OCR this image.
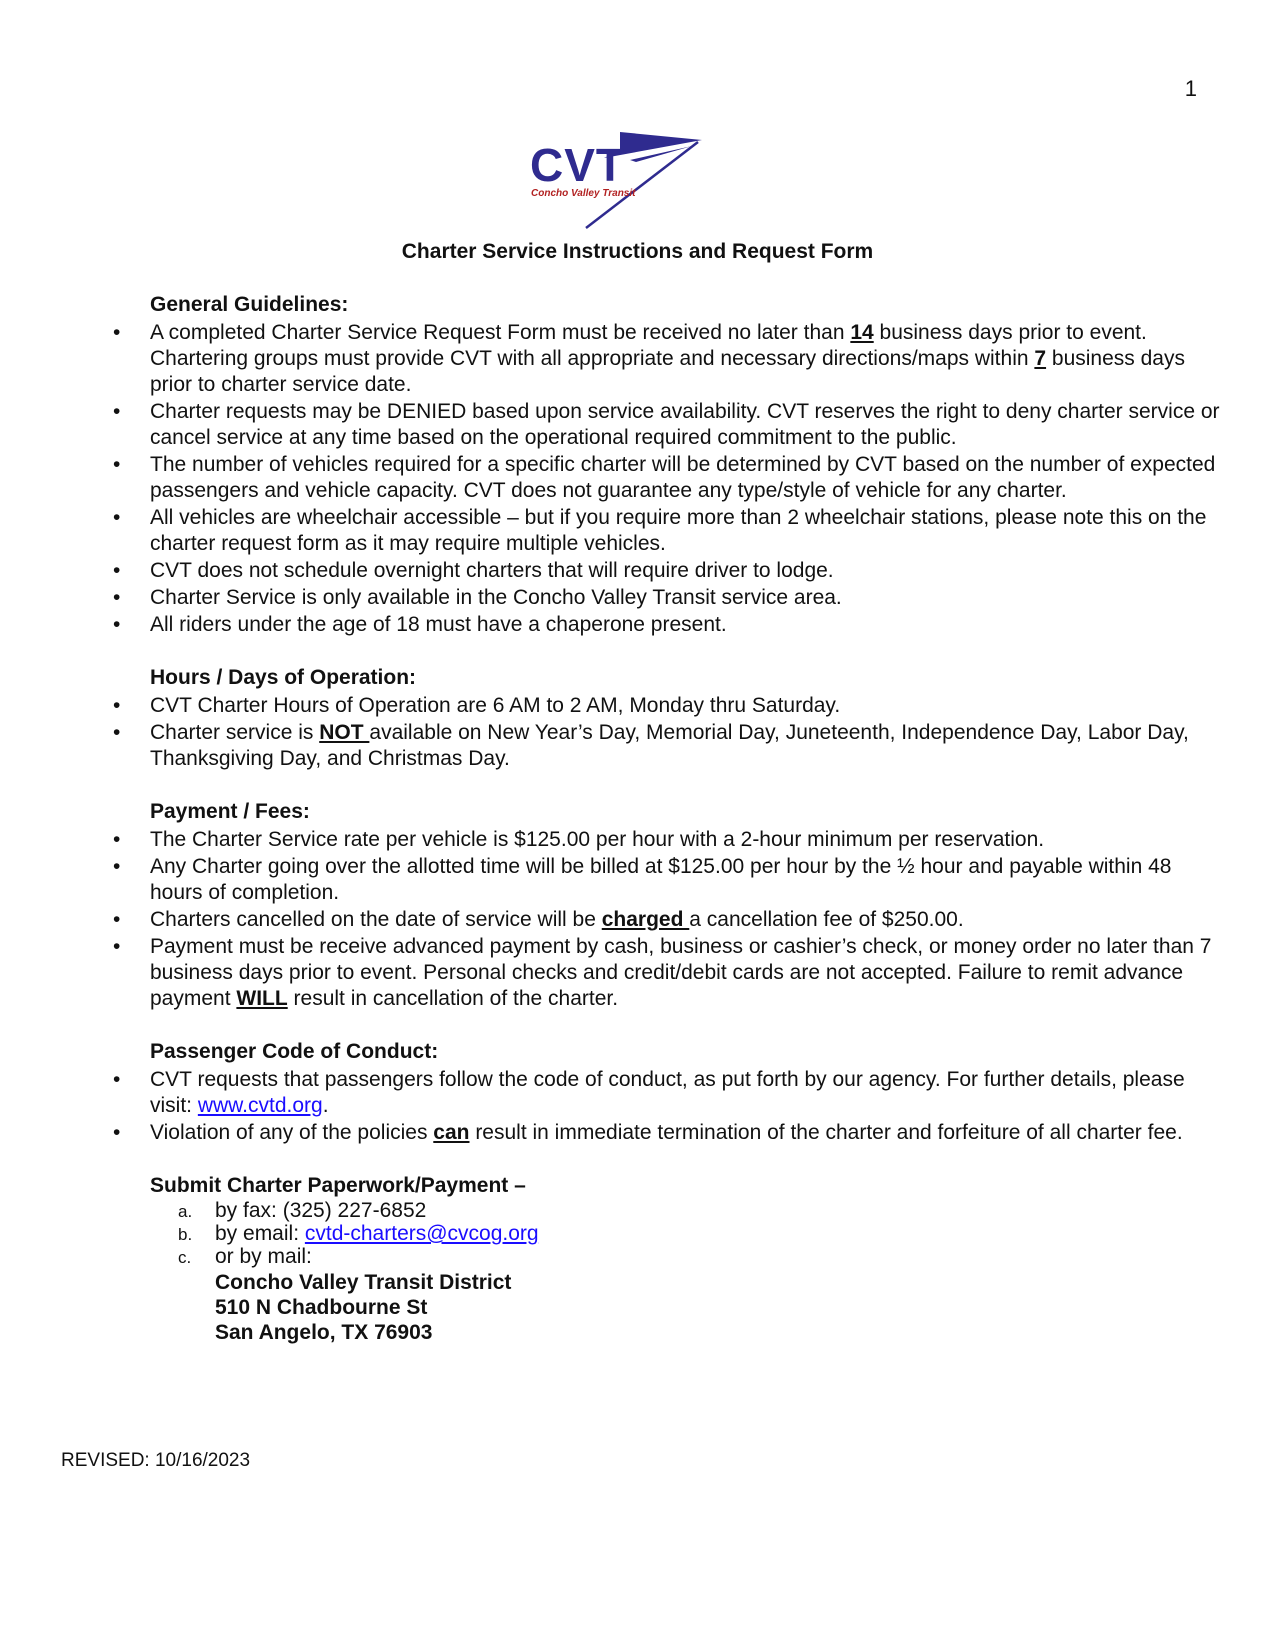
1
CVT
Concho Valley Transit
Charter Service Instructions and Request Form
General Guidelines:
• A completed Charter Service Request Form must be received no later than 14 business days prior to event. Chartering groups must provide CVT with all appropriate and necessary directions/maps within 7 business days prior to charter service date.
• Charter requests may be DENIED based upon service availability. CVT reserves the right to deny charter service or cancel service at any time based on the operational required commitment to the public.
• The number of vehicles required for a specific charter will be determined by CVT based on the number of expected passengers and vehicle capacity. CVT does not guarantee any type/style of vehicle for any charter.
• All vehicles are wheelchair accessible – but if you require more than 2 wheelchair stations, please note this on the charter request form as it may require multiple vehicles.
• CVT does not schedule overnight charters that will require driver to lodge.
• Charter Service is only available in the Concho Valley Transit service area.
• All riders under the age of 18 must have a chaperone present.
Hours / Days of Operation:
• CVT Charter Hours of Operation are 6 AM to 2 AM, Monday thru Saturday.
• Charter service is NOT available on New Year’s Day, Memorial Day, Juneteenth, Independence Day, Labor Day, Thanksgiving Day, and Christmas Day.
Payment / Fees:
• The Charter Service rate per vehicle is $125.00 per hour with a 2-hour minimum per reservation.
• Any Charter going over the allotted time will be billed at $125.00 per hour by the ½ hour and payable within 48 hours of completion.
• Charters cancelled on the date of service will be charged a cancellation fee of $250.00.
• Payment must be receive advanced payment by cash, business or cashier’s check, or money order no later than 7 business days prior to event. Personal checks and credit/debit cards are not accepted. Failure to remit advance payment WILL result in cancellation of the charter.
Passenger Code of Conduct:
• CVT requests that passengers follow the code of conduct, as put forth by our agency. For further details, please visit: www.cvtd.org.
• Violation of any of the policies can result in immediate termination of the charter and forfeiture of all charter fee.
Submit Charter Paperwork/Payment –
a. by fax: (325) 227-6852
b. by email: cvtd-charters@cvcog.org
c. or by mail:
Concho Valley Transit District
510 N Chadbourne St
San Angelo, TX 76903
REVISED: 10/16/2023
